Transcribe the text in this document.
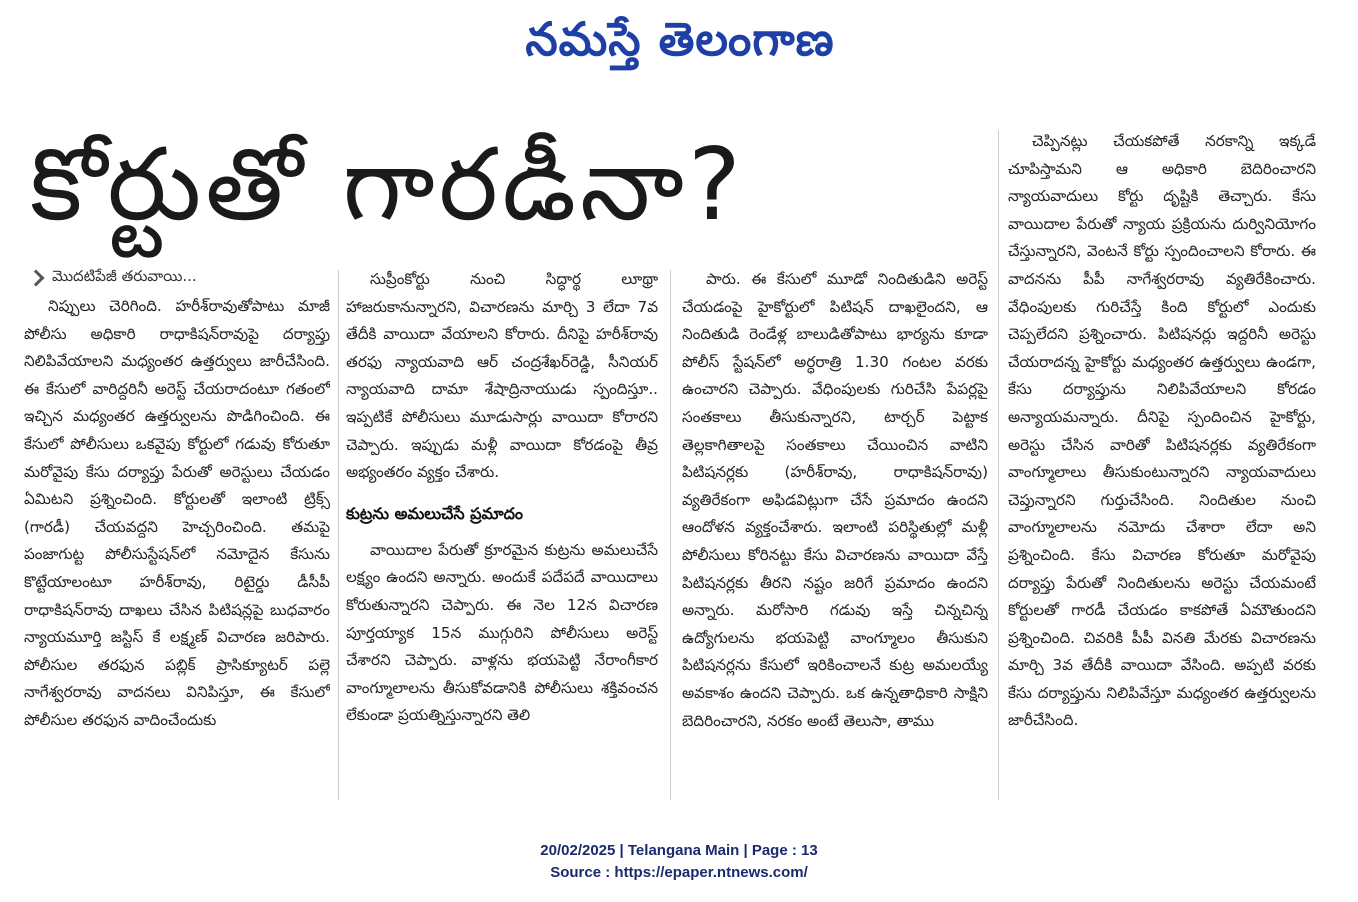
నమస్తే తెలంగాణ
కోర్టుతో గారడీనా?
మొదటిపేజీ తరువాయి...

నిప్పులు చెరిగింది. హరీశ్‌రావుతోపాటు మాజీ పోలీసు అధికారి రాధాకిషన్‌రావుపై దర్యాప్తు నిలిపివేయాలని మధ్యంతర ఉత్తర్వులు జారీచేసింది. ఈ కేసులో వారిద్దరినీ అరెస్ట్ చేయరాదంటూ గతంలో ఇచ్చిన మధ్యంతర ఉత్తర్వులను పొడిగించింది. ఈ కేసులో పోలీసులు ఒకవైపు కోర్టులో గడువు కోరుతూ మరోవైపు కేసు దర్యాప్తు పేరుతో అరెస్టులు చేయడం ఏమిటని ప్రశ్నించింది. కోర్టులతో ఇలాంటి ట్రిక్స్ (గారడీ) చేయవద్దని హెచ్చరించింది. తమపై పంజాగుట్ట పోలీసుస్టేషన్‌లో నమోదైన కేసును కొట్టేయాలంటూ హరీశ్‌రావు, రిటైర్డు డీసీపీ రాధాకిషన్‌రావు దాఖలు చేసిన పిటిషన్లపై బుధవారం న్యాయమూర్తి జస్టిస్ కే లక్ష్మణ్ విచారణ జరిపారు. పోలీసుల తరఫున పబ్లిక్ ప్రాసిక్యూటర్ పల్లె నాగేశ్వరరావు వాదనలు వినిపిస్తూ, ఈ కేసులో పోలీసుల తరఫున వాదించేందుకు

సుప్రీంకోర్టు నుంచి సిద్ధార్థ లూథ్రా హాజరుకానున్నారని, విచారణను మార్చి 3 లేదా 7వ తేదీకి వాయిదా వేయాలని కోరారు. దీనిపై హరీశ్‌రావు తరఫు న్యాయవాది ఆర్ చంద్రశేఖర్‌రెడ్డి, సీనియర్ న్యాయవాది దామా శేషాద్రినాయుడు స్పందిస్తూ.. ఇప్పటికే పోలీసులు మూడుసార్లు వాయిదా కోరారని చెప్పారు. ఇప్పుడు మళ్లీ వాయిదా కోరడంపై తీవ్ర అభ్యంతరం వ్యక్తం చేశారు.

కుట్రను అమలుచేసే ప్రమాదం

వాయిదాల పేరుతో క్రూరమైన కుట్రను అమలుచేసే లక్ష్యం ఉందని అన్నారు. అందుకే పదేపదే వాయిదాలు కోరుతున్నారని చెప్పారు. ఈ నెల 12న విచారణ పూర్తయ్యాక 15న ముగ్గురిని పోలీసులు అరెస్ట్ చేశారని చెప్పారు. వాళ్లను భయపెట్టి నేరాంగీకార వాంగ్మూలాలను తీసుకోవడానికి పోలీసులు శక్తివంచన లేకుండా ప్రయత్నిస్తున్నారని తెలి

పారు. ఈ కేసులో మూడో నిందితుడిని అరెస్ట్ చేయడంపై హైకోర్టులో పిటిషన్ దాఖలైందని, ఆ నిందితుడి రెండేళ్ల బాలుడితోపాటు భార్యను కూడా పోలీస్ స్టేషన్‌లో అర్ధరాత్రి 1.30 గంటల వరకు ఉంచారని చెప్పారు. వేధింపులకు గురిచేసి పేపర్లపై సంతకాలు తీసుకున్నారని, టార్చర్ పెట్టాక తెల్లకాగితాలపై సంతకాలు చేయించిన వాటిని పిటిషనర్లకు (హరీశ్‌రావు, రాధాకిషన్‌రావు) వ్యతిరేకంగా అఫిడవిట్లుగా చేసే ప్రమాదం ఉందని ఆందోళన వ్యక్తంచేశారు. ఇలాంటి పరిస్థితుల్లో మళ్లీ పోలీసులు కోరినట్టు కేసు విచారణను వాయిదా వేస్తే పిటిషనర్లకు తీరని నష్టం జరిగే ప్రమాదం ఉందని అన్నారు. మరోసారి గడువు ఇస్తే చిన్నచిన్న ఉద్యోగులను భయపెట్టి వాంగ్మూలం తీసుకుని పిటిషనర్లను కేసులో ఇరికించాలనే కుట్ర అమలయ్యే అవకాశం ఉందని చెప్పారు. ఒక ఉన్నతాధికారి సాక్షిని బెదిరించారని, నరకం అంటే తెలుసా, తాము

చెప్పినట్లు చేయకపోతే నరకాన్ని ఇక్కడే చూపిస్తామని ఆ అధికారి బెదిరించారని న్యాయవాదులు కోర్టు దృష్టికి తెచ్చారు. కేసు వాయిదాల పేరుతో న్యాయ ప్రక్రియను దుర్వినియోగం చేస్తున్నారని, వెంటనే కోర్టు స్పందించాలని కోరారు. ఈ వాదనను పీపీ నాగేశ్వరరావు వ్యతిరేకించారు. వేధింపులకు గురిచేస్తే కింది కోర్టులో ఎందుకు చెప్పలేదని ప్రశ్నించారు. పిటిషనర్లు ఇద్దరినీ అరెస్టు చేయరాదన్న హైకోర్టు మధ్యంతర ఉత్తర్వులు ఉండగా, కేసు దర్యాప్తును నిలిపివేయాలని కోరడం అన్యాయమన్నారు. దీనిపై స్పందించిన హైకోర్టు, అరెస్టు చేసిన వారితో పిటిషనర్లకు వ్యతిరేకంగా వాంగ్మూలాలు తీసుకుంటున్నారని న్యాయవాదులు చెప్తున్నారని గుర్తుచేసింది. నిందితుల నుంచి వాంగ్మూలాలను నమోదు చేశారా లేదా అని ప్రశ్నించింది. కేసు విచారణ కోరుతూ మరోవైపు దర్యాప్తు పేరుతో నిందితులను అరెస్టు చేయమంటే కోర్టులతో గారడీ చేయడం కాకపోతే ఏమౌతుందని ప్రశ్నించింది. చివరికి పీపీ వినతి మేరకు విచారణను మార్చి 3వ తేదీకి వాయిదా వేసింది. అప్పటి వరకు కేసు దర్యాప్తును నిలిపివేస్తూ మధ్యంతర ఉత్తర్వులను జారీచేసింది.

20/02/2025 | Telangana Main | Page : 13
Source : https://epaper.ntnews.com/
